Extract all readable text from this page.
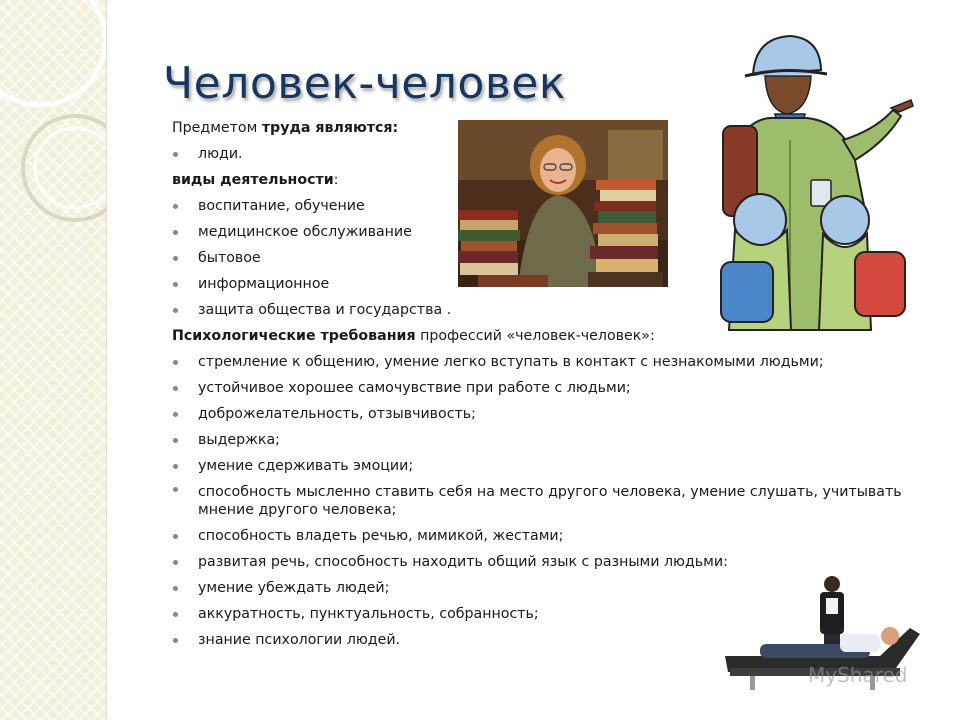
Человек-человек

Предметом труда являются:

люди.

виды деятельности:

воспитание, обучение

медицинское обслуживание

бытовое

информационное

защита общества и государства .

Психологические требования профессий «человек-человек»:

стремление к общению, умение легко вступать в контакт с незнакомыми людьми;

устойчивое хорошее самочувствие при работе с людьми;

доброжелательность, отзывчивость;

выдержка;

умение сдерживать эмоции;

способность мысленно ставить себя на место другого человека, умение слушать, учитывать мнение другого человека;

способность владеть речью, мимикой, жестами;

развитая речь, способность находить общий язык с разными людьми:

умение убеждать людей;

аккуратность, пунктуальность, собранность;

знание психологии людей.

MyShared
